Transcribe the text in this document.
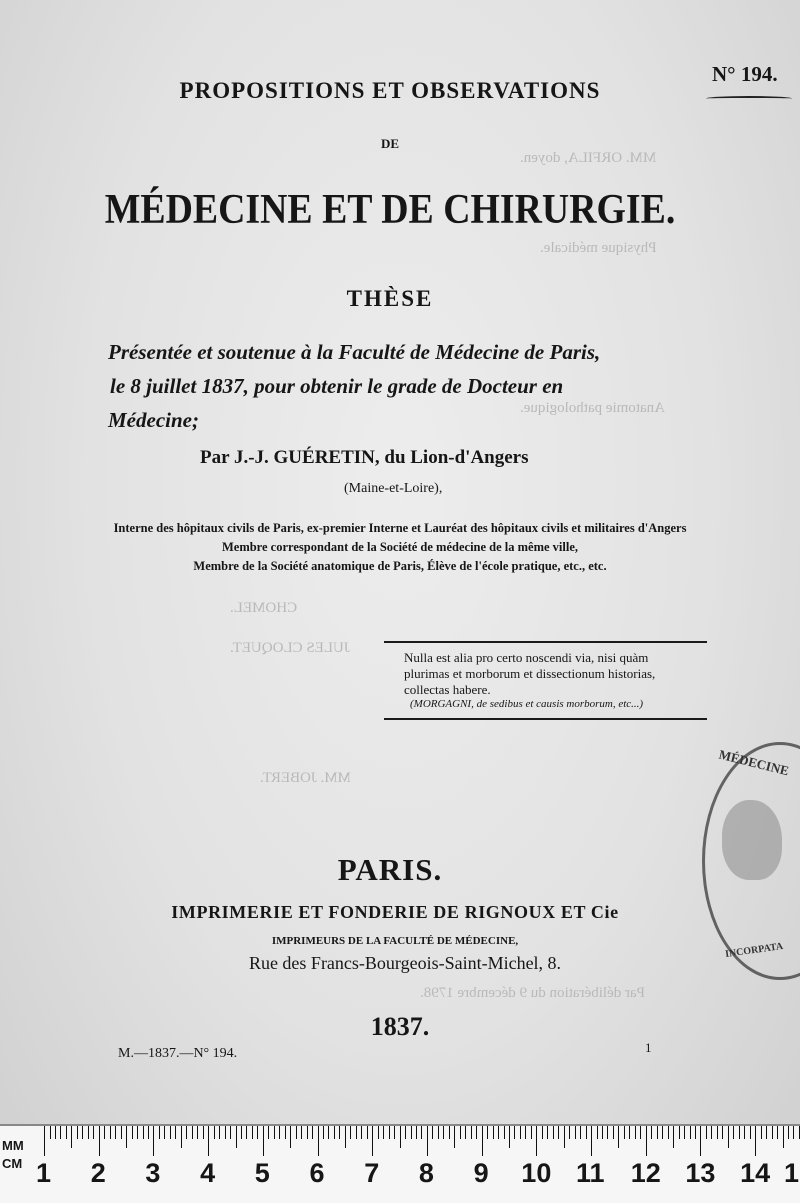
MM. ORFILA, doyen.
Physique médicale.
Anatomie pathologique.
CHOMEL.
JULES CLOQUET.
MM. JOBERT.
Par délibération du 9 décembre 1798.
N° 194.
PROPOSITIONS ET OBSERVATIONS
DE
MÉDECINE ET DE CHIRURGIE.
THÈSE
Présentée et soutenue à la Faculté de Médecine de Paris,
le 8 juillet 1837, pour obtenir le grade de Docteur en
Médecine;
Par J.-J. GUÉRETIN, du Lion-d'Angers
(Maine-et-Loire),
Interne des hôpitaux civils de Paris, ex-premier Interne et Lauréat des hôpitaux civils et militaires d'Angers
Membre correspondant de la Société de médecine de la même ville,
Membre de la Société anatomique de Paris, Élève de l'école pratique, etc., etc.
Nulla est alia pro certo noscendi via, nisi quàm
plurimas et morborum et dissectionum historias,
collectas habere.
(MORGAGNI, de sedibus et causis morborum, etc...)
PARIS.
IMPRIMERIE ET FONDERIE DE RIGNOUX ET Cie
IMPRIMEURS DE LA FACULTÉ DE MÉDECINE,
Rue des Francs-Bourgeois-Saint-Michel, 8.
1837.
M.—1837.—N° 194.	1
MÉDECINE
INCORPATA
MM
CM 1 2 3 4 5 6 7 8 9 10 11 12 13 14 1
